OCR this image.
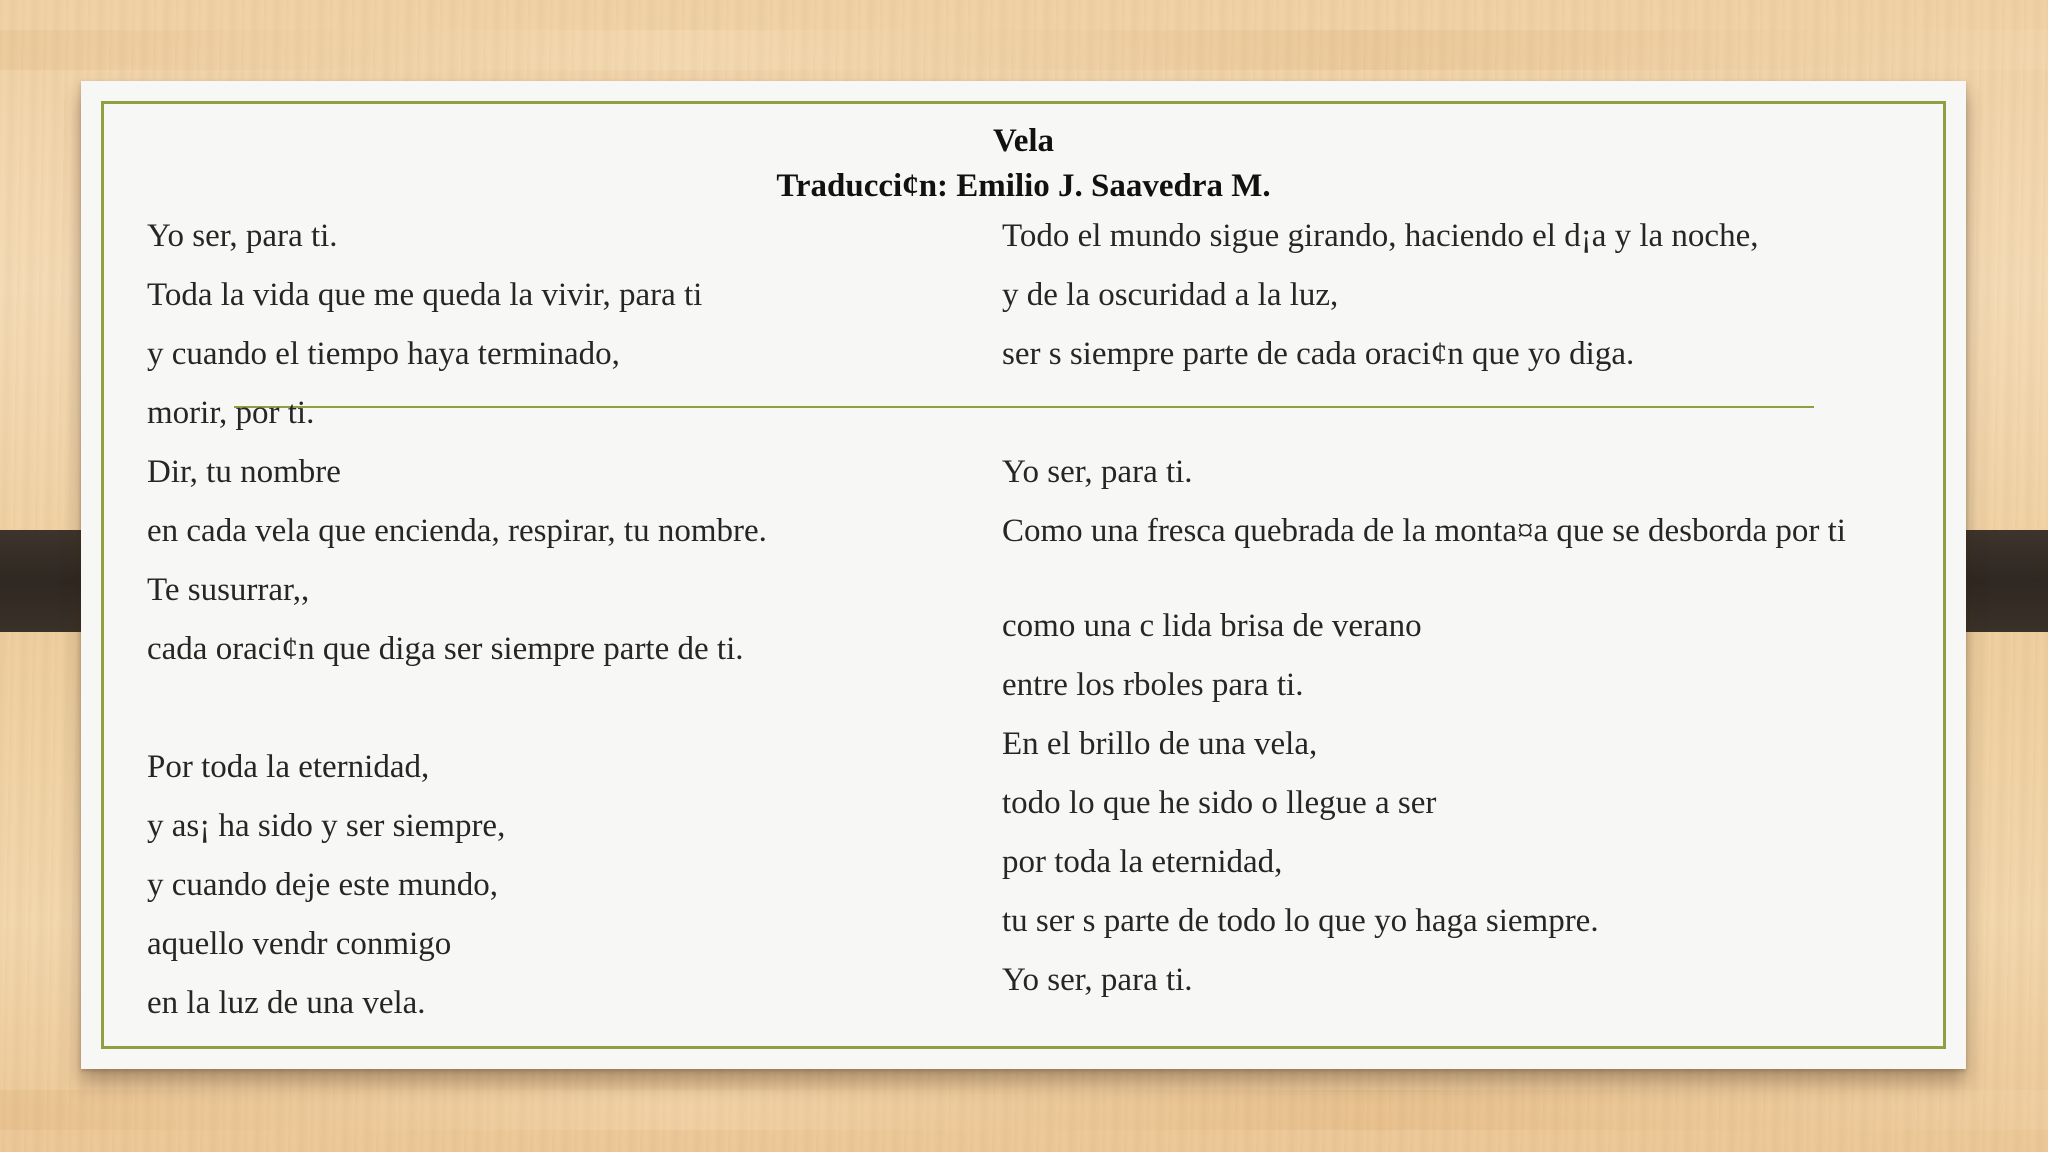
Vela
Traducci¢n: Emilio J. Saavedra M.
Yo ser, para ti.
Toda la vida que me queda la vivir, para ti
y cuando el tiempo haya terminado,
morir, por ti.
Dir, tu nombre
en cada vela que encienda, respirar, tu nombre.
Te susurrar,,
cada oraci¢n que diga ser siempre parte de ti.
Por toda la eternidad,
y as¡ ha sido y ser siempre,
y cuando deje este mundo,
aquello vendr conmigo
en la luz de una vela.
Todo el mundo sigue girando, haciendo el d¡a y la noche,
y de la oscuridad a la luz,
ser s siempre parte de cada oraci¢n que yo diga.
Yo ser, para ti.
Como una fresca quebrada de la monta¤a que se desborda por ti
como una c lida brisa de verano
entre los rboles para ti.
En el brillo de una vela,
todo lo que he sido o llegue a ser
por toda la eternidad,
tu ser s parte de todo lo que yo haga siempre.
Yo ser, para ti.
